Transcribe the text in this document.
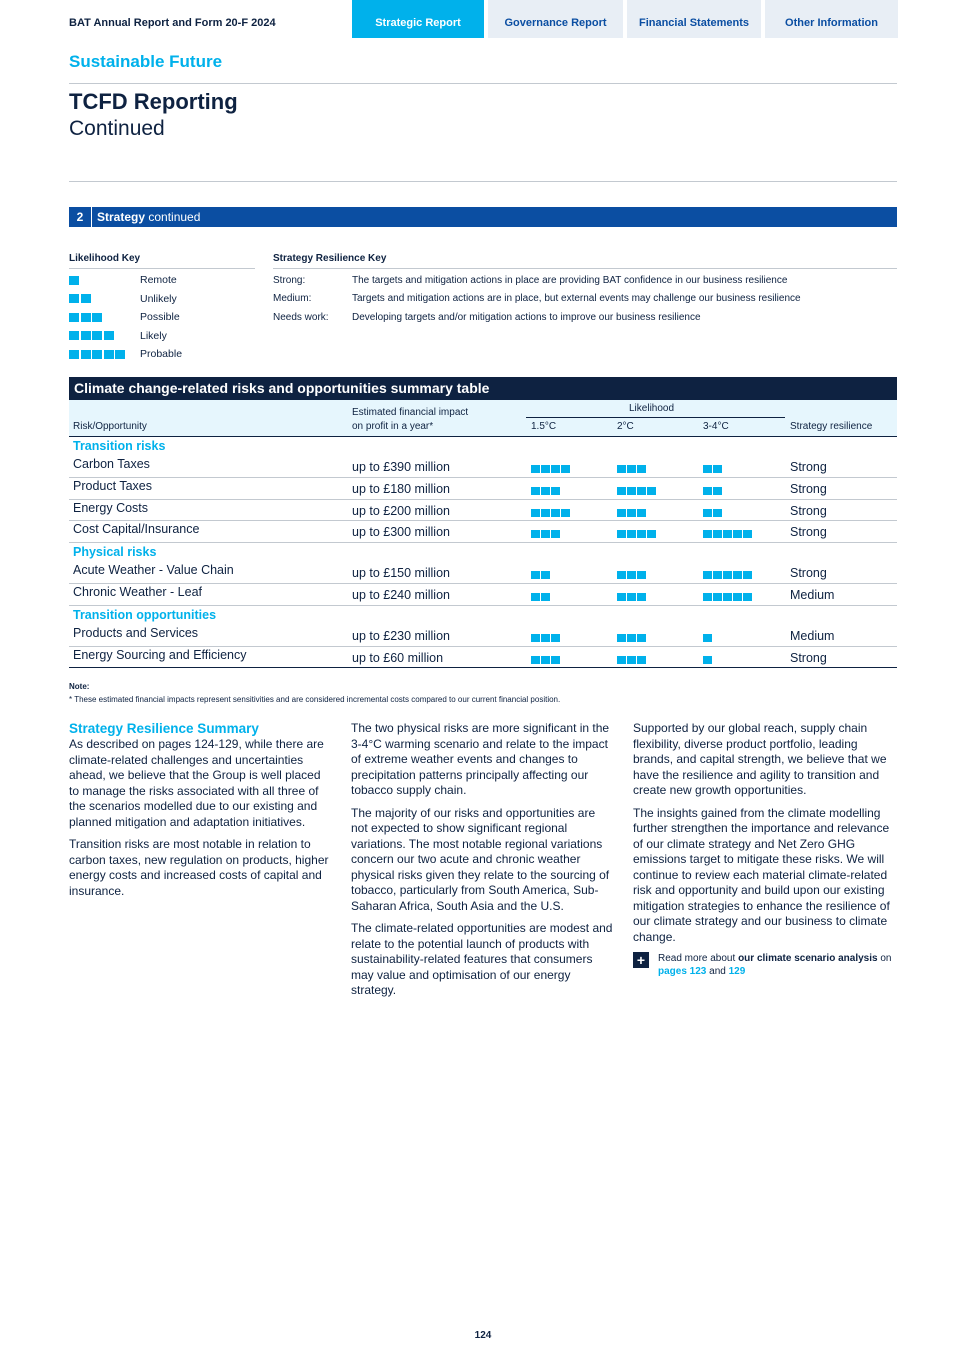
BAT Annual Report and Form 20-F 2024	Strategic Report	Governance Report	Financial Statements	Other Information
Sustainable Future
TCFD Reporting
Continued
2	Strategy continued
Likelihood Key
Remote
Unlikely
Possible
Likely
Probable
Strategy Resilience Key
Strong:	The targets and mitigation actions in place are providing BAT confidence in our business resilience
Medium:	Targets and mitigation actions are in place, but external events may challenge our business resilience
Needs work:	Developing targets and/or mitigation actions to improve our business resilience
Climate change-related risks and opportunities summary table
Risk/Opportunity
Estimated financial impact
on profit in a year*
Likelihood
1.5°C	2°C	3-4°C	Strategy resilience
Transition risks
Carbon Taxes	up to £390 million	Strong
Product Taxes	up to £180 million	Strong
Energy Costs	up to £200 million	Strong
Cost Capital/Insurance	up to £300 million	Strong
Physical risks
Acute Weather - Value Chain	up to £150 million	Strong
Chronic Weather - Leaf	up to £240 million	Medium
Transition opportunities
Products and Services	up to £230 million	Medium
Energy Sourcing and Efficiency	up to £60 million	Strong
Note:
* These estimated financial impacts represent sensitivities and are considered incremental costs compared to our current financial position.
Strategy Resilience Summary

As described on pages 124-129, while there are climate-related challenges and uncertainties ahead, we believe that the Group is well placed to manage the risks associated with all three of the scenarios modelled due to our existing and planned mitigation and adaptation initiatives.

Transition risks are most notable in relation to carbon taxes, new regulation on products, higher energy costs and increased costs of capital and insurance.

The two physical risks are more significant in the 3-4°C warming scenario and relate to the impact of extreme weather events and changes to precipitation patterns principally affecting our tobacco supply chain.

The majority of our risks and opportunities are not expected to show significant regional variations. The most notable regional variations concern our two acute and chronic weather physical risks given they relate to the sourcing of tobacco, particularly from South America, Sub-Saharan Africa, South Asia and the U.S.

The climate-related opportunities are modest and relate to the potential launch of products with sustainability-related features that consumers may value and optimisation of our energy strategy.

Supported by our global reach, supply chain flexibility, diverse product portfolio, leading brands, and capital strength, we believe that we have the resilience and agility to transition and create new growth opportunities.

The insights gained from the climate modelling further strengthen the importance and relevance of our climate strategy and Net Zero GHG emissions target to mitigate these risks. We will continue to review each material climate-related risk and opportunity and build upon our existing mitigation strategies to enhance the resilience of our climate strategy and our business to climate change.

+	Read more about our climate scenario analysis on pages 123 and 129
124
